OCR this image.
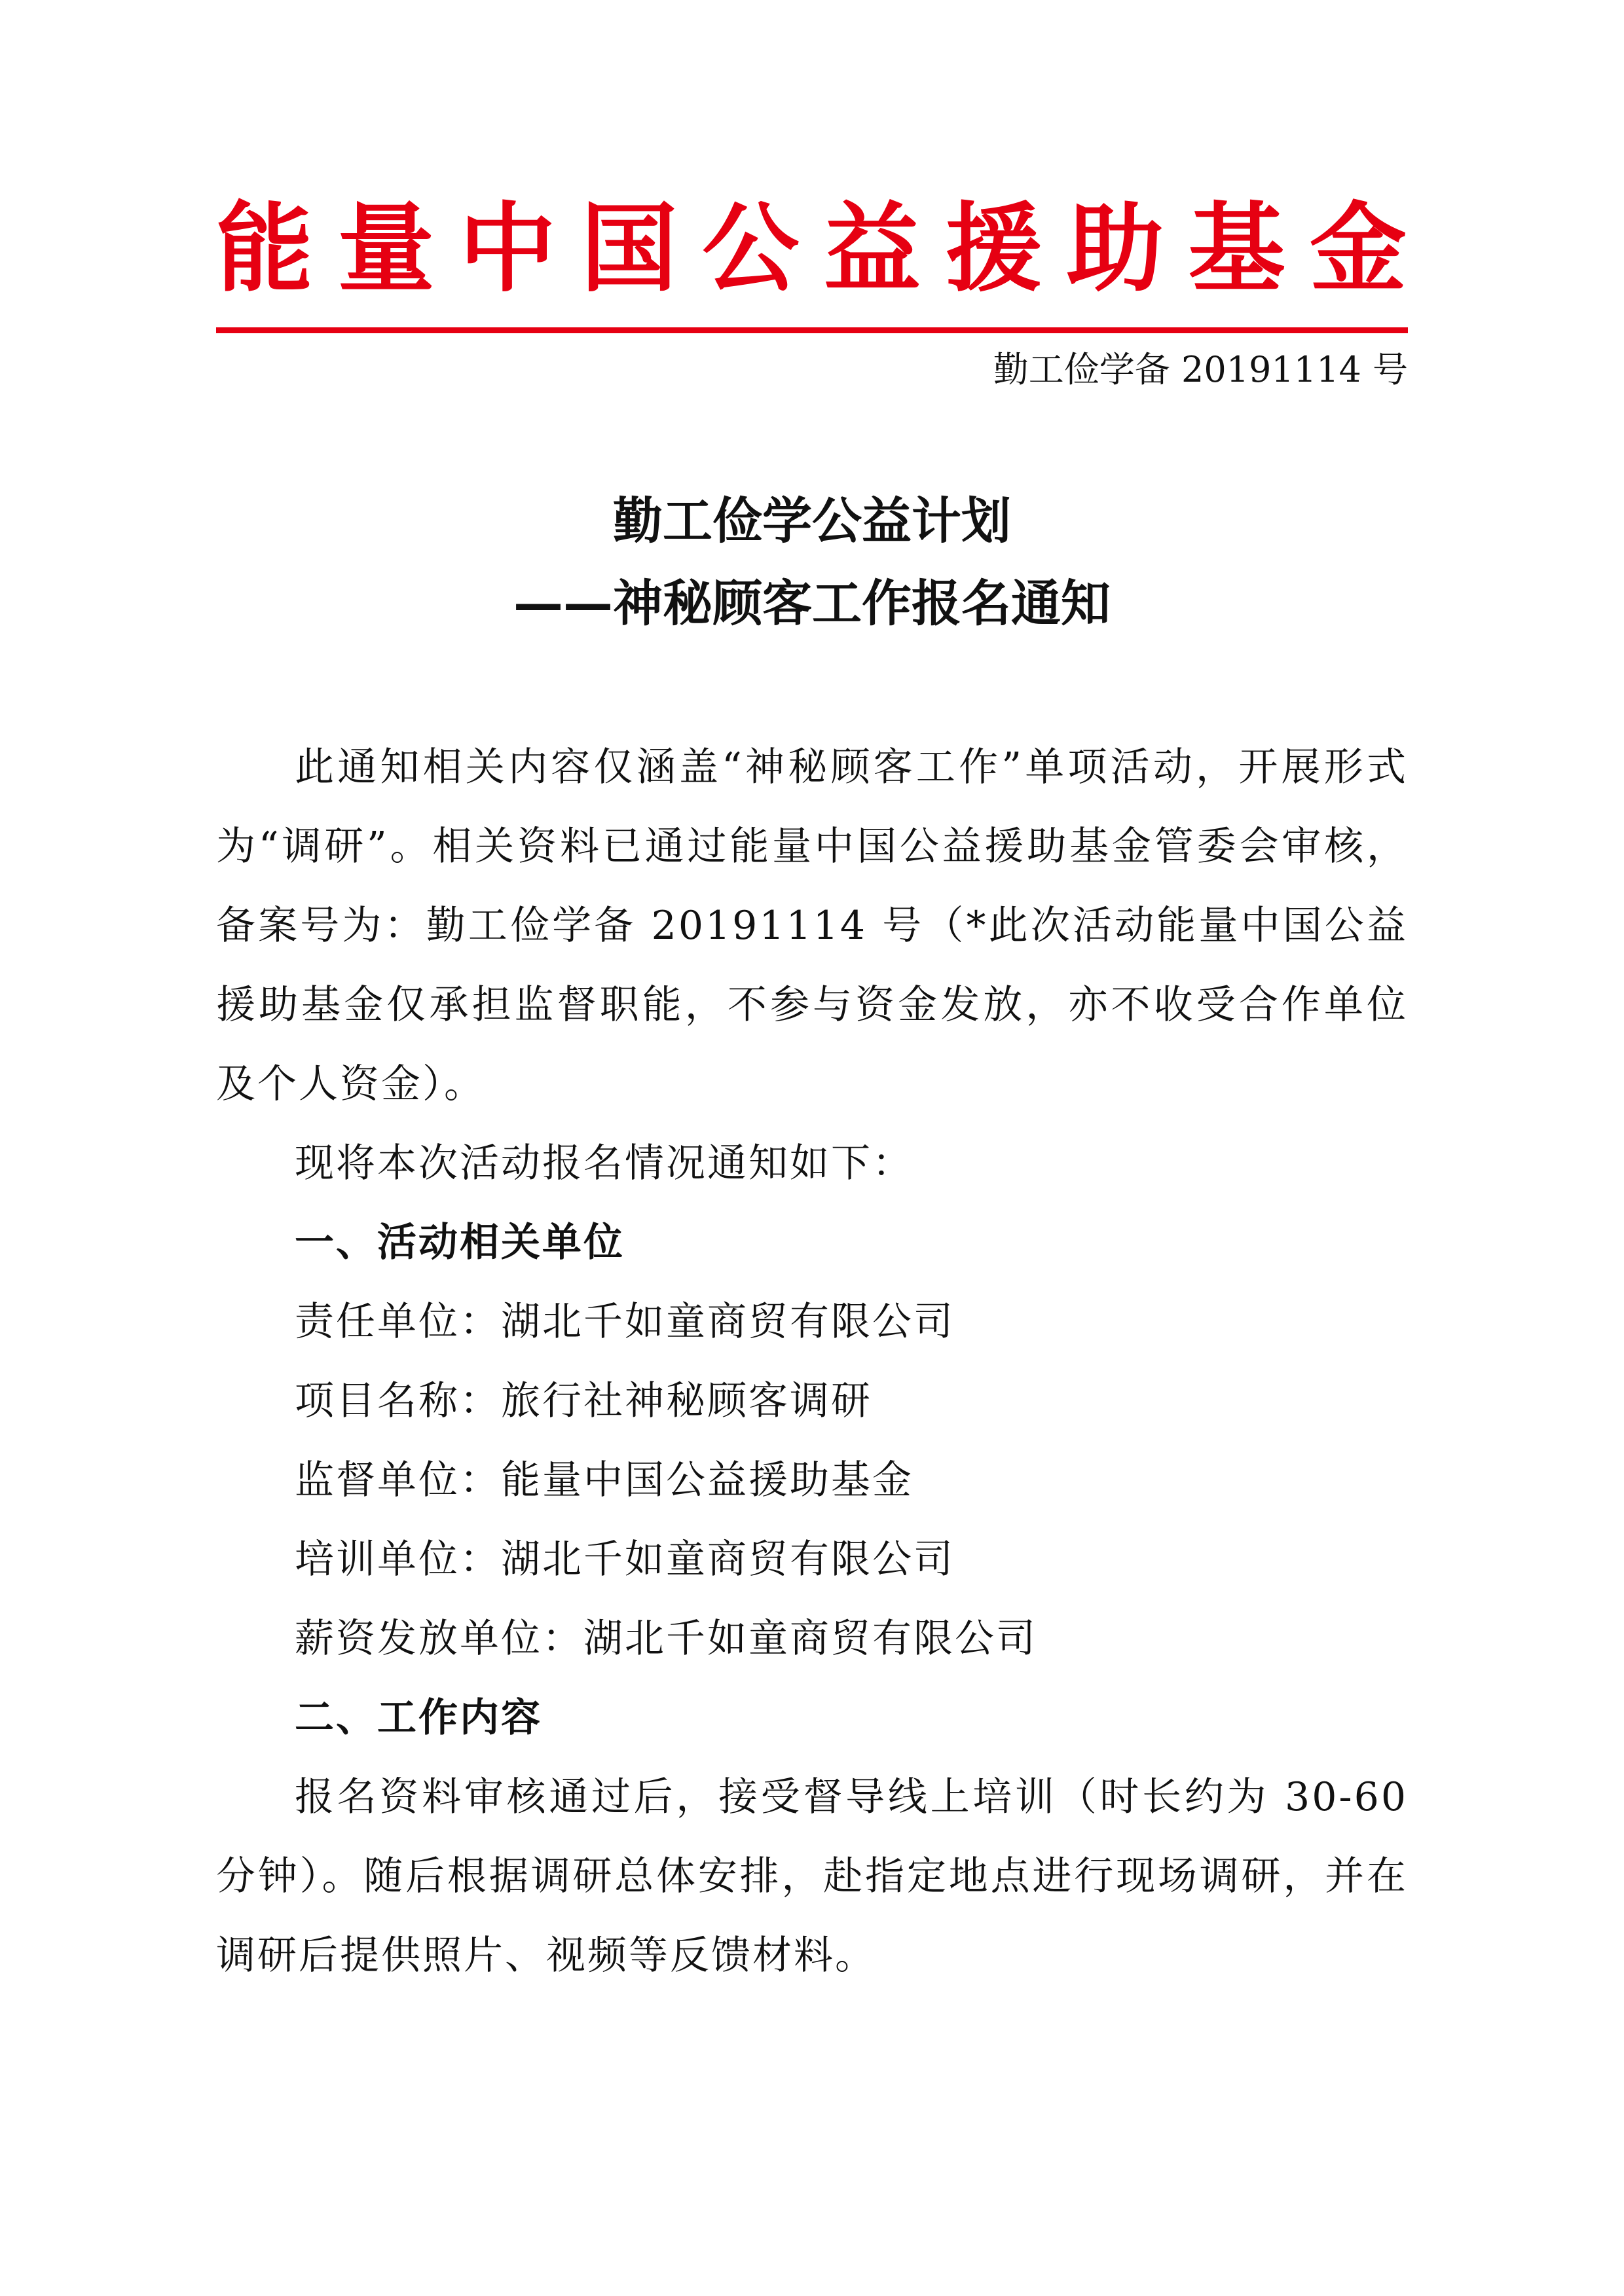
能量中国公益援助基金
勤工俭学备 20191114 号
勤工俭学公益计划
——神秘顾客工作报名通知

此通知相关内容仅涵盖“神秘顾客工作”单项活动，开展形式为“调研”。相关资料已通过能量中国公益援助基金管委会审核，备案号为：勤工俭学备 20191114 号（*此次活动能量中国公益援助基金仅承担监督职能，不参与资金发放，亦不收受合作单位及个人资金）。

现将本次活动报名情况通知如下：

一、活动相关单位

责任单位：湖北千如童商贸有限公司

项目名称：旅行社神秘顾客调研

监督单位：能量中国公益援助基金

培训单位：湖北千如童商贸有限公司

薪资发放单位：湖北千如童商贸有限公司

二、工作内容

报名资料审核通过后，接受督导线上培训（时长约为 30-60 分钟）。随后根据调研总体安排，赴指定地点进行现场调研，并在调研后提供照片、视频等反馈材料。
